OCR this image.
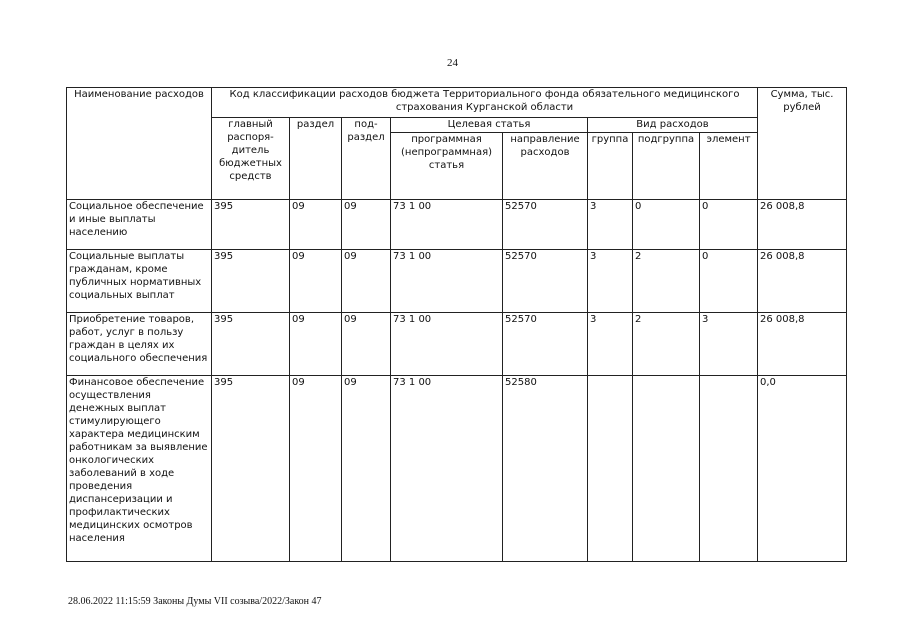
24
Наименование расходов	Код классификации расходов бюджета Территориального фонда обязательного медицинского страхования Курганской области								Сумма, тыс. рублей
	главный распоря-дитель бюджетных средств	раздел	под-раздел	Целевая статья		Вид расходов			
				программная (непрограммная) статья	направление расходов	группа	подгруппа	элемент	
Социальное обеспечение и иные выплаты населению	395	09	09	73 1 00	52570	3	0	0	26 008,8
Социальные выплаты гражданам, кроме публичных нормативных социальных выплат	395	09	09	73 1 00	52570	3	2	0	26 008,8
Приобретение товаров, работ, услуг в пользу граждан в целях их социального обеспечения	395	09	09	73 1 00	52570	3	2	3	26 008,8
Финансовое обеспечение осуществления денежных выплат стимулирующего характера медицинским работникам за выявление онкологических заболеваний в ходе проведения диспансеризации и профилактических медицинских осмотров населения	395	09	09	73 1 00	52580				0,0
28.06.2022 11:15:59 Законы Думы VII созыва/2022/Закон 47
